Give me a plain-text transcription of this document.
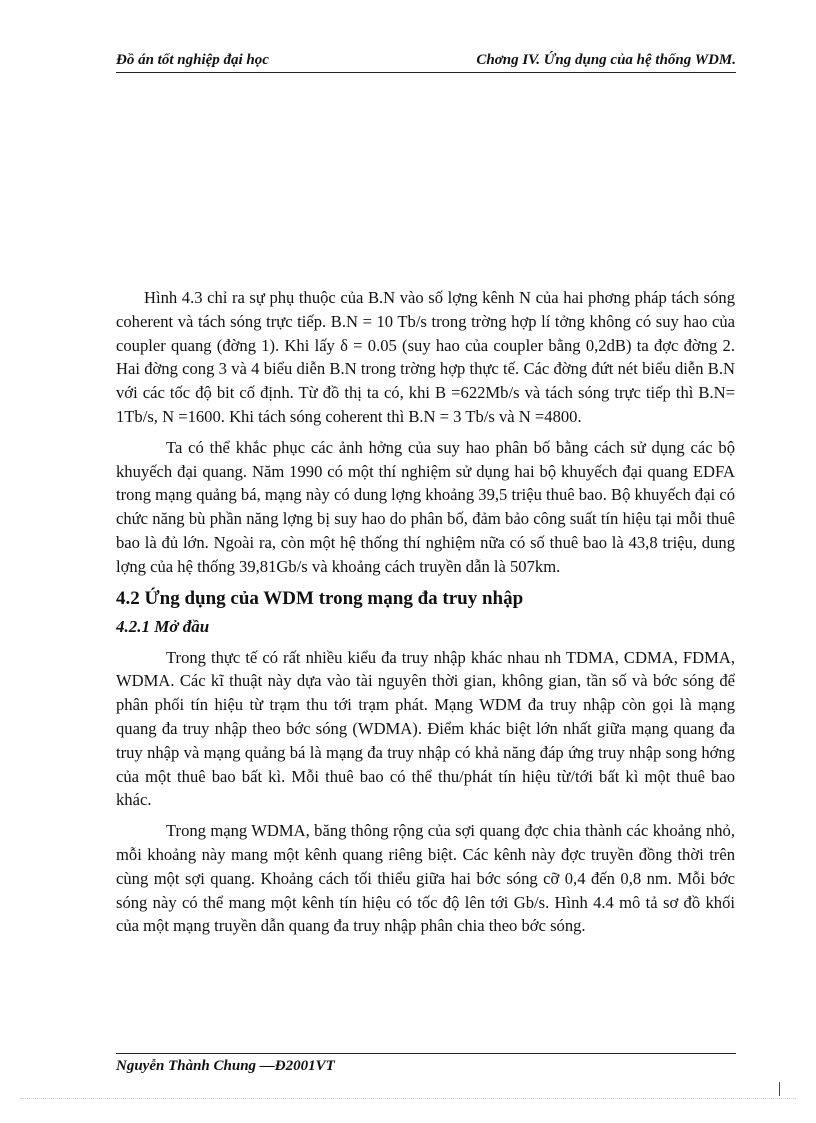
Đồ án tốt nghiệp đại học	Chơng IV. Ứng dụng của hệ thống WDM.

Hình 4.3 chỉ ra sự phụ thuộc của B.N vào số lợng kênh N của hai phơng pháp tách sóng coherent và tách sóng trực tiếp. B.N = 10 Tb/s trong trờng hợp lí tởng không có suy hao của coupler quang (đờng 1). Khi lấy δ = 0.05 (suy hao của coupler bằng 0,2dB) ta đợc đờng 2. Hai đờng cong 3 và 4 biểu diễn B.N trong trờng hợp thực tế. Các đờng đứt nét biểu diễn B.N với các tốc độ bit cố định. Từ đồ thị ta có, khi B =622Mb/s và tách sóng trực tiếp thì B.N= 1Tb/s, N =1600. Khi tách sóng coherent thì B.N = 3 Tb/s và N =4800.

Ta có thể khắc phục các ảnh hởng của suy hao phân bố bằng cách sử dụng các bộ khuyếch đại quang. Năm 1990 có một thí nghiệm sử dụng hai bộ khuyếch đại quang EDFA trong mạng quảng bá, mạng này có dung lợng khoảng 39,5 triệu thuê bao. Bộ khuyếch đại có chức năng bù phần năng lợng bị suy hao do phân bố, đảm bảo công suất tín hiệu tại mỗi thuê bao là đủ lớn. Ngoài ra, còn một hệ thống thí nghiệm nữa có số thuê bao là 43,8 triệu, dung lợng của hệ thống 39,81Gb/s và khoảng cách truyền dẫn là 507km.

4.2 Ứng dụng của WDM trong mạng đa truy nhập
4.2.1 Mở đầu

Trong thực tế có rất nhiều kiểu đa truy nhập khác nhau nh TDMA, CDMA, FDMA, WDMA. Các kĩ thuật này dựa vào tài nguyên thời gian, không gian, tần số và bớc sóng để phân phối tín hiệu từ trạm thu tới trạm phát. Mạng WDM đa truy nhập còn gọi là mạng quang đa truy nhập theo bớc sóng (WDMA). Điểm khác biệt lớn nhất giữa mạng quang đa truy nhập và mạng quảng bá là mạng đa truy nhập có khả năng đáp ứng truy nhập song hớng của một thuê bao bất kì. Mỗi thuê bao có thể thu/phát tín hiệu từ/tới bất kì một thuê bao khác.

Trong mạng WDMA, băng thông rộng của sợi quang đợc chia thành các khoảng nhỏ, mỗi khoảng này mang một kênh quang riêng biệt. Các kênh này đợc truyền đồng thời trên cùng một sợi quang. Khoảng cách tối thiểu giữa hai bớc sóng cỡ 0,4 đến 0,8 nm. Mỗi bớc sóng này có thể mang một kênh tín hiệu có tốc độ lên tới Gb/s. Hình 4.4 mô tả sơ đồ khối của một mạng truyền dẫn quang đa truy nhập phân chia theo bớc sóng.

Nguyễn Thành Chung —Đ2001VT
